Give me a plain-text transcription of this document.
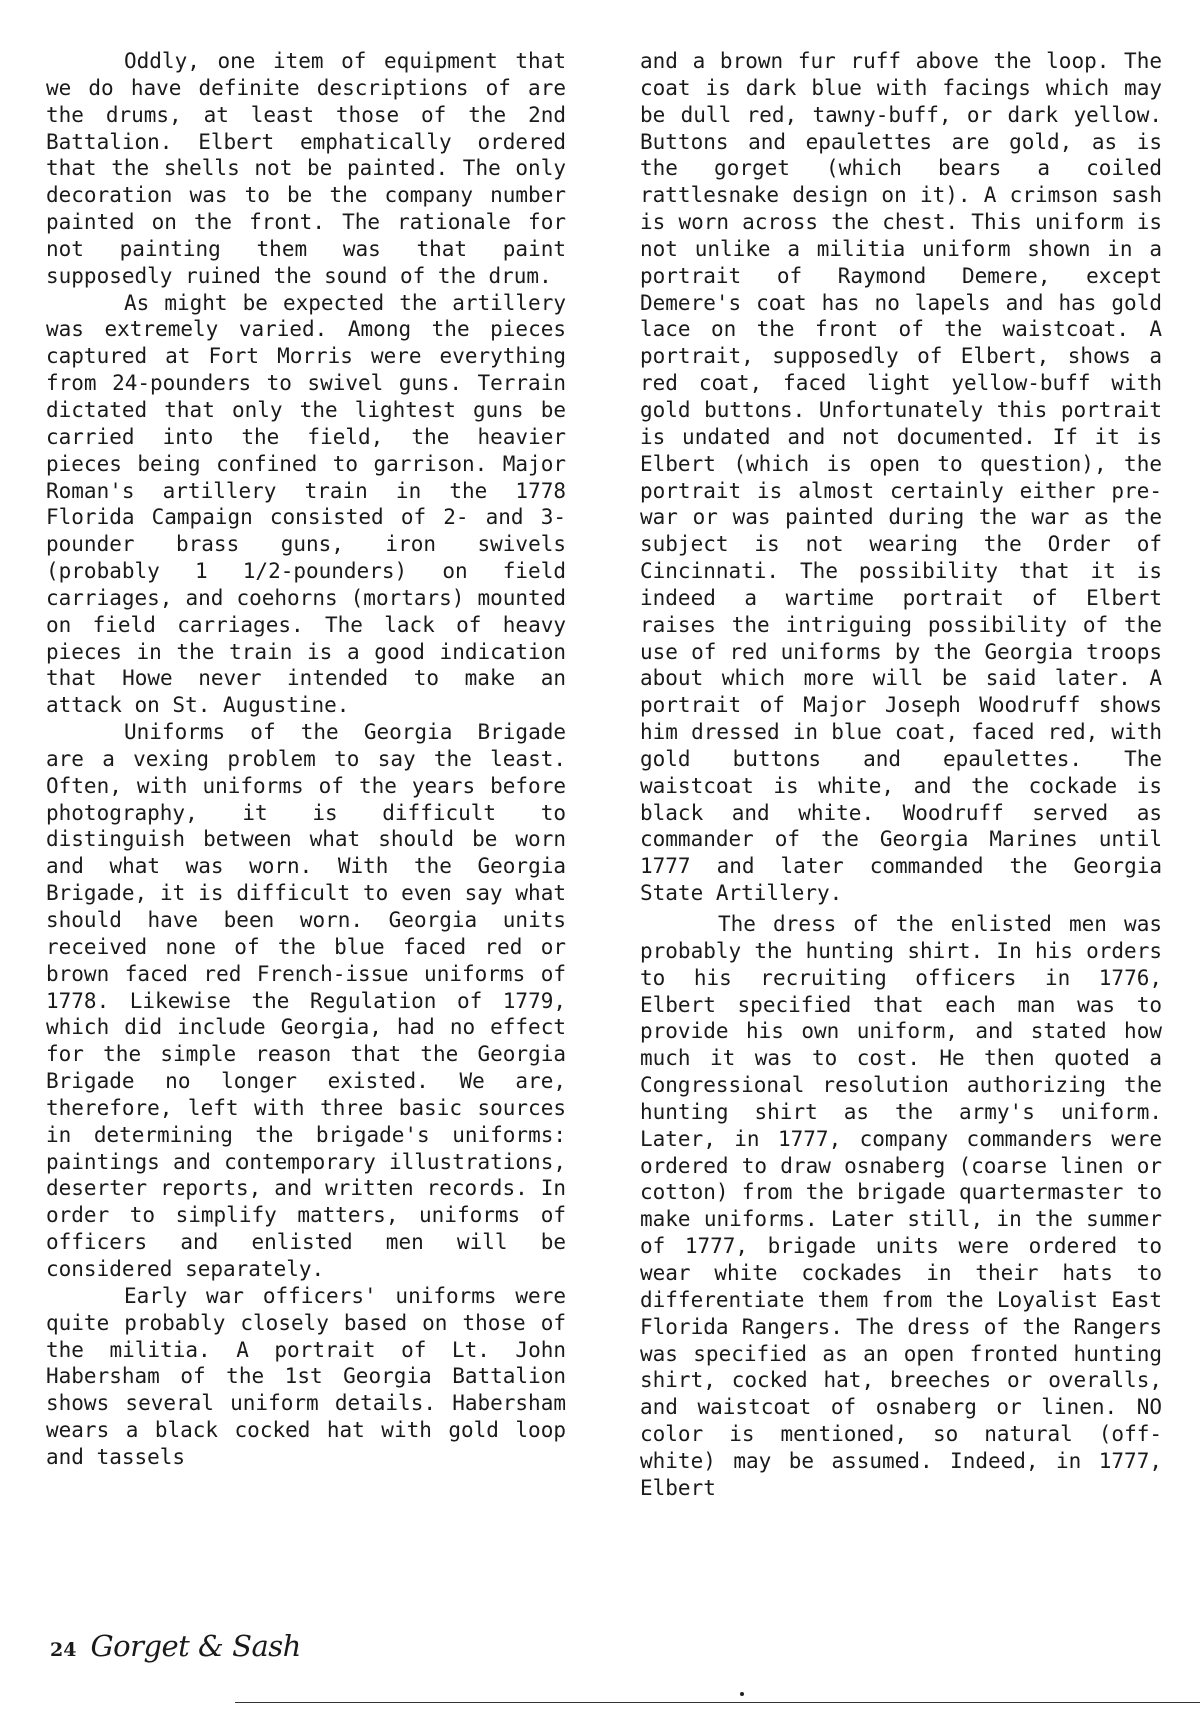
Oddly, one item of equipment that we do have definite descriptions of are the drums, at least those of the 2nd Battalion. Elbert emphatically ordered that the shells not be painted. The only decoration was to be the company number painted on the front. The rationale for not painting them was that paint supposedly ruined the sound of the drum.

As might be expected the artillery was extremely varied. Among the pieces captured at Fort Morris were everything from 24-pounders to swivel guns. Terrain dictated that only the lightest guns be carried into the field, the heavier pieces being confined to garrison. Major Roman's artillery train in the 1778 Florida Campaign consisted of 2- and 3-pounder brass guns, iron swivels (probably 1 1/2-pounders) on field carriages, and coehorns (mortars) mounted on field carriages. The lack of heavy pieces in the train is a good indication that Howe never intended to make an attack on St. Augustine.

Uniforms of the Georgia Brigade are a vexing problem to say the least. Often, with uniforms of the years before photography, it is difficult to distinguish between what should be worn and what was worn. With the Georgia Brigade, it is difficult to even say what should have been worn. Georgia units received none of the blue faced red or brown faced red French-issue uniforms of 1778. Likewise the Regulation of 1779, which did include Georgia, had no effect for the simple reason that the Georgia Brigade no longer existed. We are, therefore, left with three basic sources in determining the brigade's uniforms: paintings and contemporary illustrations, deserter reports, and written records. In order to simplify matters, uniforms of officers and enlisted men will be considered separately.

Early war officers' uniforms were quite probably closely based on those of the militia. A portrait of Lt. John Habersham of the 1st Georgia Battalion shows several uniform details. Habersham wears a black cocked hat with gold loop and tassels

and a brown fur ruff above the loop. The coat is dark blue with facings which may be dull red, tawny-buff, or dark yellow. Buttons and epaulettes are gold, as is the gorget (which bears a coiled rattlesnake design on it). A crimson sash is worn across the chest. This uniform is not unlike a militia uniform shown in a portrait of Raymond Demere, except Demere's coat has no lapels and has gold lace on the front of the waistcoat. A portrait, supposedly of Elbert, shows a red coat, faced light yellow-buff with gold buttons. Unfortunately this portrait is undated and not documented. If it is Elbert (which is open to question), the portrait is almost certainly either pre-war or was painted during the war as the subject is not wearing the Order of Cincinnati. The possibility that it is indeed a wartime portrait of Elbert raises the intriguing possibility of the use of red uniforms by the Georgia troops about which more will be said later. A portrait of Major Joseph Woodruff shows him dressed in blue coat, faced red, with gold buttons and epaulettes. The waistcoat is white, and the cockade is black and white. Woodruff served as commander of the Georgia Marines until 1777 and later commanded the Georgia State Artillery.

The dress of the enlisted men was probably the hunting shirt. In his orders to his recruiting officers in 1776, Elbert specified that each man was to provide his own uniform, and stated how much it was to cost. He then quoted a Congressional resolution authorizing the hunting shirt as the army's uniform. Later, in 1777, company commanders were ordered to draw osnaberg (coarse linen or cotton) from the brigade quartermaster to make uniforms. Later still, in the summer of 1777, brigade units were ordered to wear white cockades in their hats to differentiate them from the Loyalist East Florida Rangers. The dress of the Rangers was specified as an open fronted hunting shirt, cocked hat, breeches or overalls, and waistcoat of osnaberg or linen. NO color is mentioned, so natural (off-white) may be assumed. Indeed, in 1777, Elbert

24 Gorget & Sash
